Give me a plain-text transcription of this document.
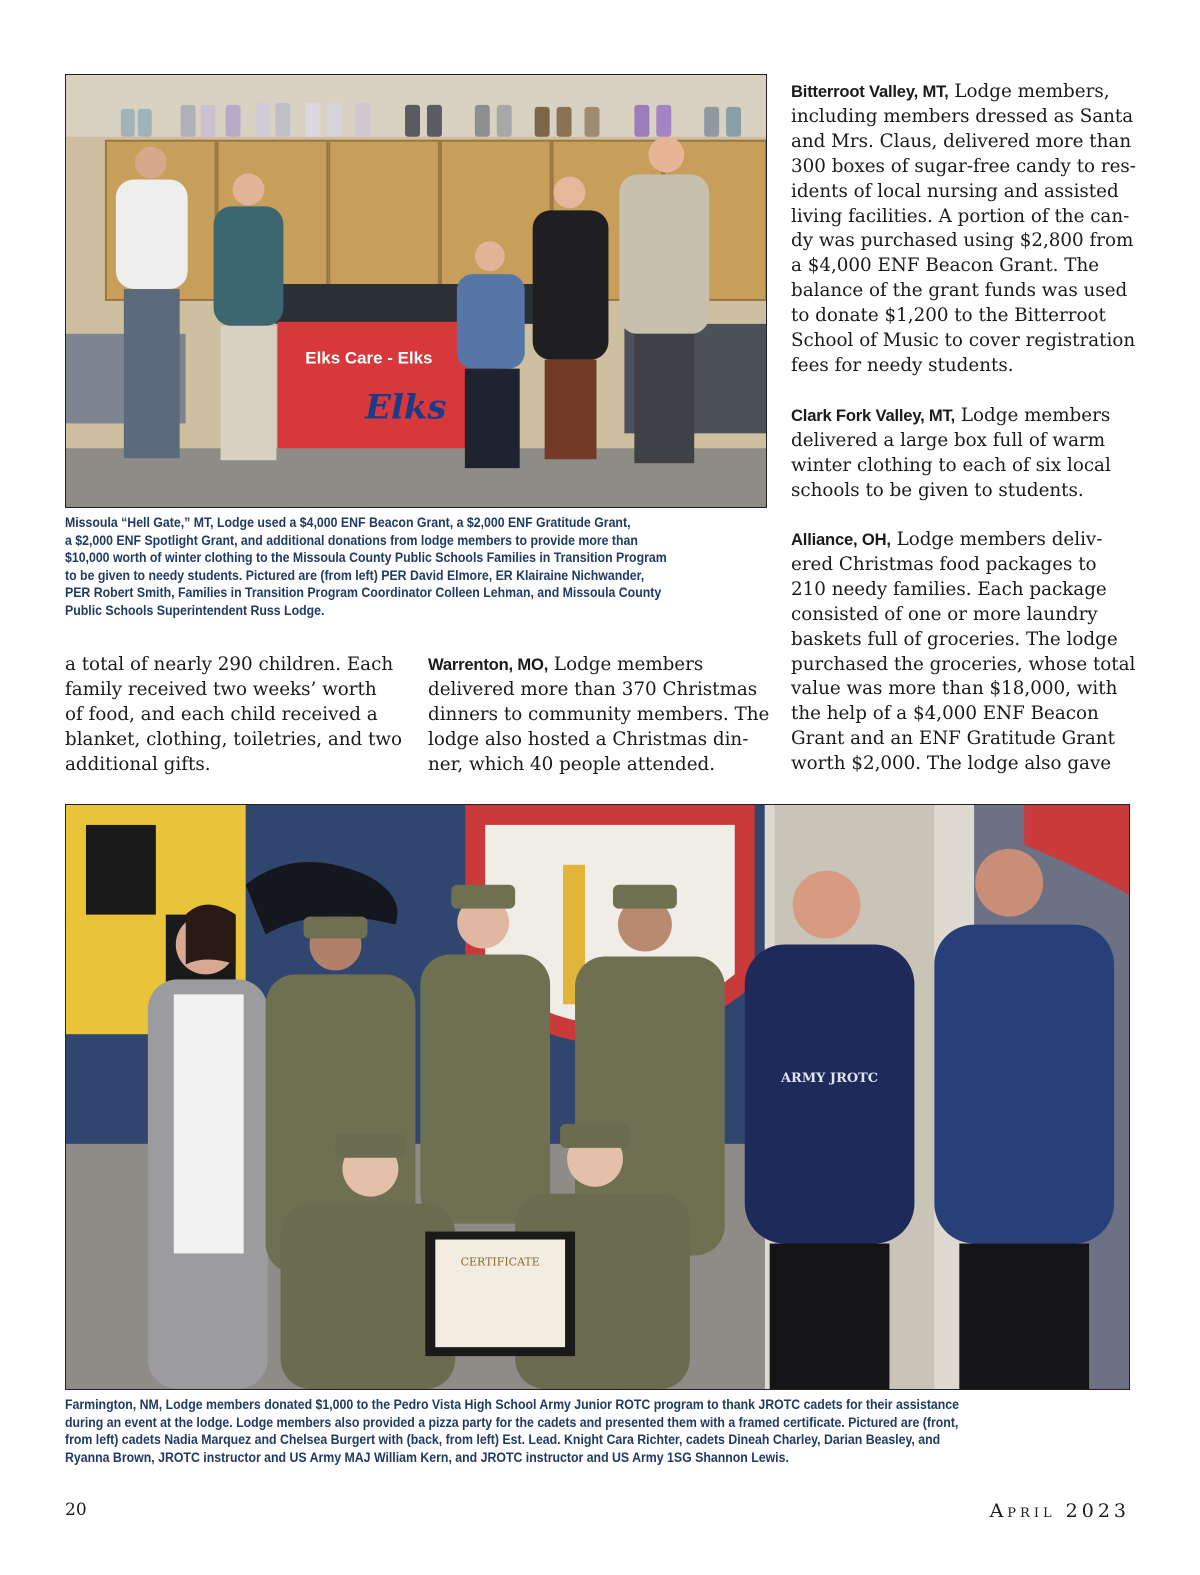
Elks Care - Elks
Elks

Missoula “Hell Gate,” MT, Lodge used a $4,000 ENF Beacon Grant, a $2,000 ENF Gratitude Grant,
a $2,000 ENF Spotlight Grant, and additional donations from lodge members to provide more than
$10,000 worth of winter clothing to the Missoula County Public Schools Families in Transition Program
to be given to needy students. Pictured are (from left) PER David Elmore, ER Klairaine Nichwander,
PER Robert Smith, Families in Transition Program Coordinator Colleen Lehman, and Missoula County
Public Schools Superintendent Russ Lodge.

a total of nearly 290 children. Each
family received two weeks’ worth
of food, and each child received a
blanket, clothing, toiletries, and two
additional gifts.

Warrenton, MO, Lodge members
delivered more than 370 Christmas
dinners to community members. The
lodge also hosted a Christmas din-
ner, which 40 people attended.

Bitterroot Valley, MT, Lodge members,
including members dressed as Santa
and Mrs. Claus, delivered more than
300 boxes of sugar-free candy to res-
idents of local nursing and assisted
living facilities. A portion of the can-
dy was purchased using $2,800 from
a $4,000 ENF Beacon Grant. The
balance of the grant funds was used
to donate $1,200 to the Bitterroot
School of Music to cover registration
fees for needy students.

Clark Fork Valley, MT, Lodge members
delivered a large box full of warm
winter clothing to each of six local
schools to be given to students.

Alliance, OH, Lodge members deliv-
ered Christmas food packages to
210 needy families. Each package
consisted of one or more laundry
baskets full of groceries. The lodge
purchased the groceries, whose total
value was more than $18,000, with
the help of a $4,000 ENF Beacon
Grant and an ENF Gratitude Grant
worth $2,000. The lodge also gave

CERTIFICATE
ARMY JROTC

Farmington, NM, Lodge members donated $1,000 to the Pedro Vista High School Army Junior ROTC program to thank JROTC cadets for their assistance
during an event at the lodge. Lodge members also provided a pizza party for the cadets and presented them with a framed certificate. Pictured are (front,
from left) cadets Nadia Marquez and Chelsea Burgert with (back, from left) Est. Lead. Knight Cara Richter, cadets Dineah Charley, Darian Beasley, and
Ryanna Brown, JROTC instructor and US Army MAJ William Kern, and JROTC instructor and US Army 1SG Shannon Lewis.

20	April 2023
